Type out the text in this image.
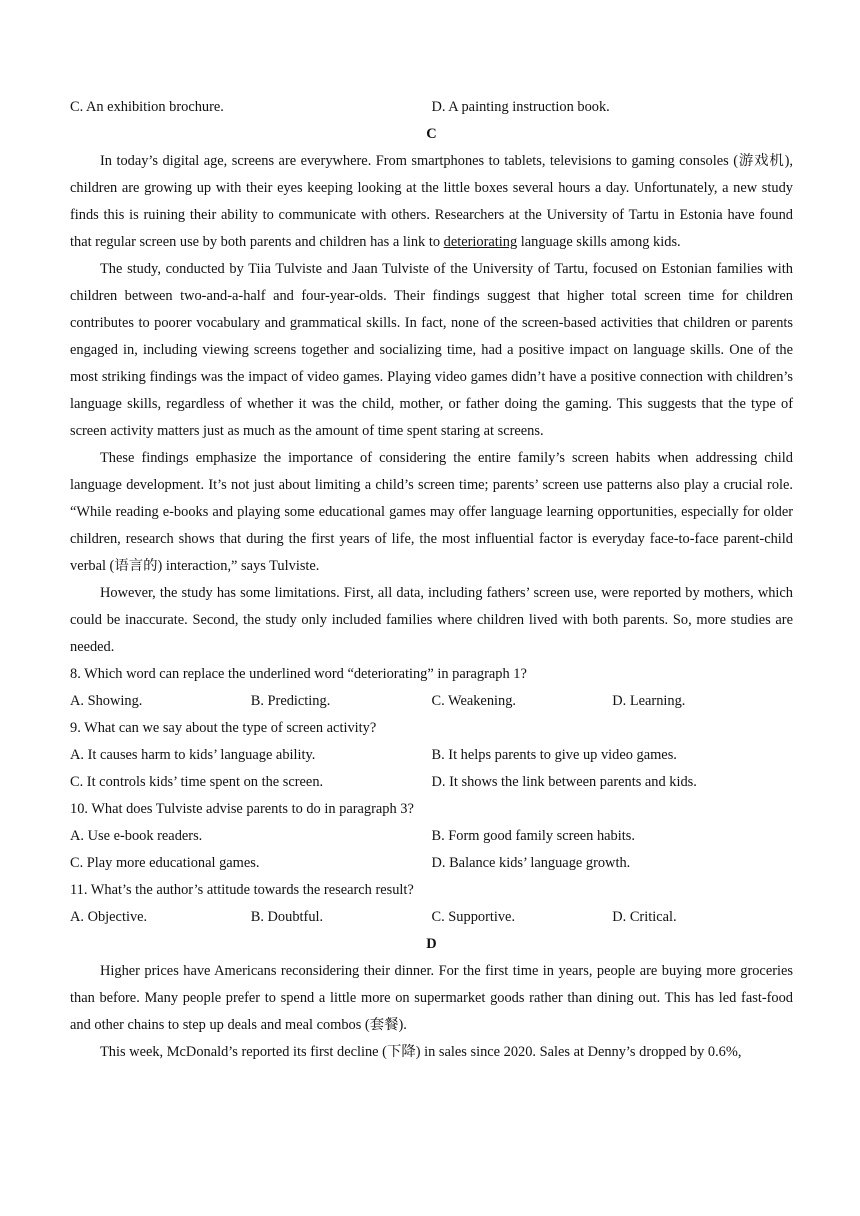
C. An exhibition brochure.	D. A painting instruction book.

C

In today’s digital age, screens are everywhere. From smartphones to tablets, televisions to gaming consoles (游戏机), children are growing up with their eyes keeping looking at the little boxes several hours a day. Unfortunately, a new study finds this is ruining their ability to communicate with others. Researchers at the University of Tartu in Estonia have found that regular screen use by both parents and children has a link to deteriorating language skills among kids.

The study, conducted by Tiia Tulviste and Jaan Tulviste of the University of Tartu, focused on Estonian families with children between two-and-a-half and four-year-olds. Their findings suggest that higher total screen time for children contributes to poorer vocabulary and grammatical skills. In fact, none of the screen-based activities that children or parents engaged in, including viewing screens together and socializing time, had a positive impact on language skills. One of the most striking findings was the impact of video games. Playing video games didn’t have a positive connection with children’s language skills, regardless of whether it was the child, mother, or father doing the gaming. This suggests that the type of screen activity matters just as much as the amount of time spent staring at screens.

These findings emphasize the importance of considering the entire family’s screen habits when addressing child language development. It’s not just about limiting a child’s screen time; parents’ screen use patterns also play a crucial role. “While reading e-books and playing some educational games may offer language learning opportunities, especially for older children, research shows that during the first years of life, the most influential factor is everyday face-to-face parent-child verbal (语言的) interaction,” says Tulviste.

However, the study has some limitations. First, all data, including fathers’ screen use, were reported by mothers, which could be inaccurate. Second, the study only included families where children lived with both parents. So, more studies are needed.

8. Which word can replace the underlined word “deteriorating” in paragraph 1?

A. Showing.	B. Predicting.	C. Weakening.	D. Learning.

9. What can we say about the type of screen activity?

A. It causes harm to kids’ language ability.	B. It helps parents to give up video games.
C. It controls kids’ time spent on the screen.	D. It shows the link between parents and kids.

10. What does Tulviste advise parents to do in paragraph 3?

A. Use e-book readers.	B. Form good family screen habits.
C. Play more educational games.	D. Balance kids’ language growth.

11. What’s the author’s attitude towards the research result?

A. Objective.	B. Doubtful.	C. Supportive.	D. Critical.

D

Higher prices have Americans reconsidering their dinner. For the first time in years, people are buying more groceries than before. Many people prefer to spend a little more on supermarket goods rather than dining out. This has led fast-food and other chains to step up deals and meal combos (套餐).

This week, McDonald’s reported its first decline (下降) in sales since 2020. Sales at Denny’s dropped by 0.6%,
